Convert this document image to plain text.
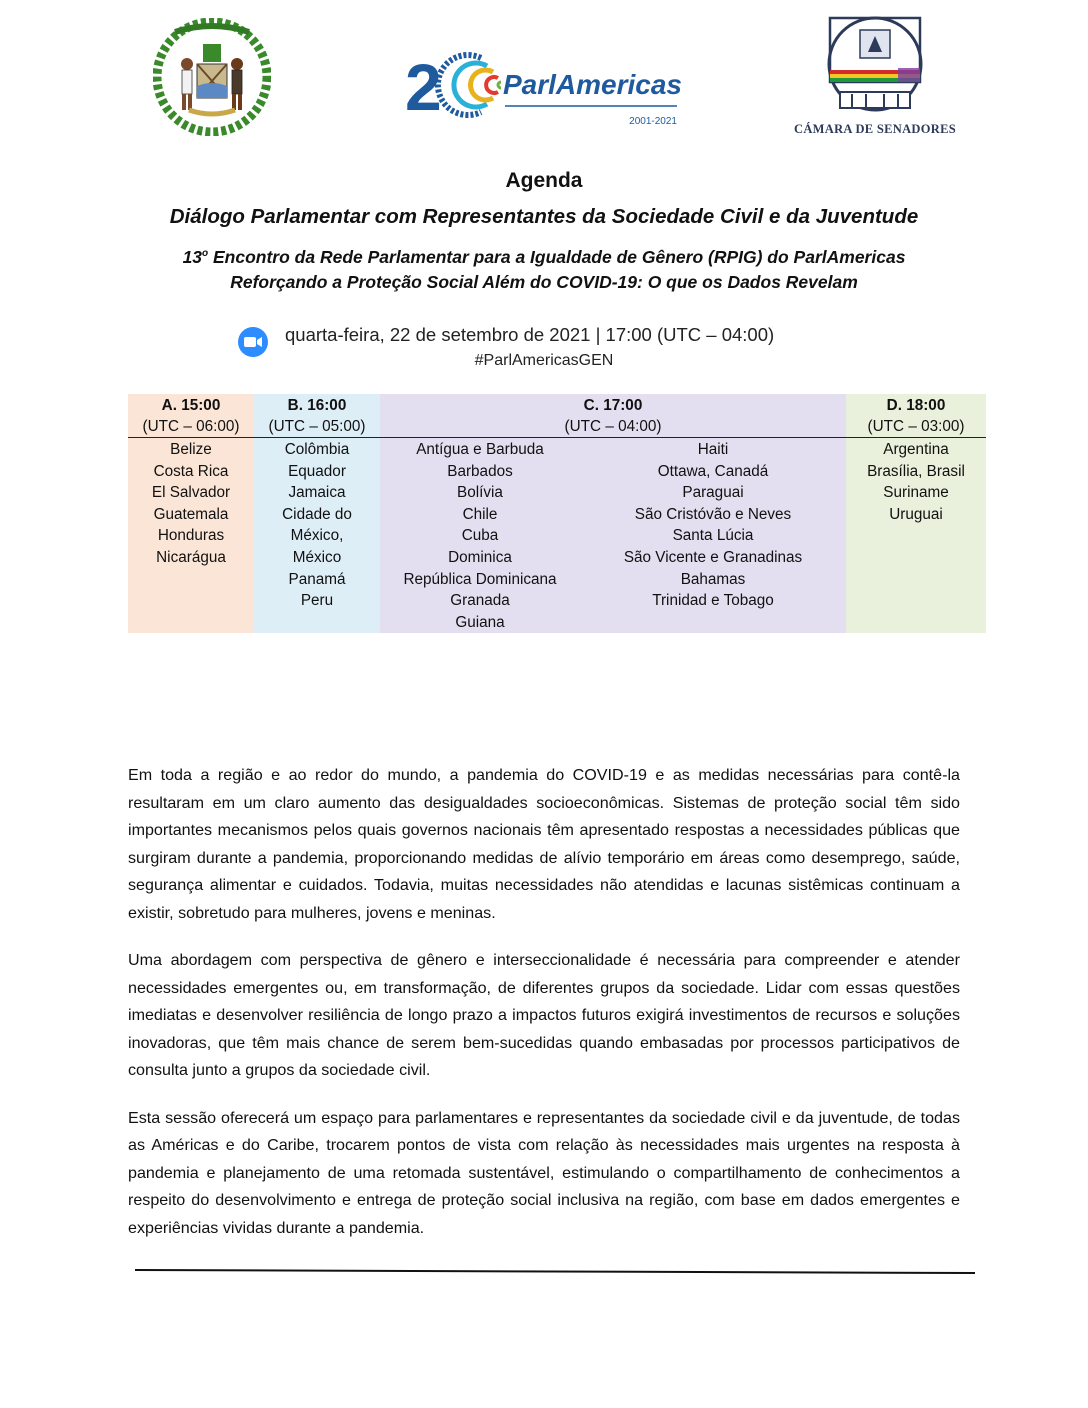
2 ParlAmericas
2001-2021
CÁMARA DE SENADORES
Agenda
Diálogo Parlamentar com Representantes da Sociedade Civil e da Juventude
13$^o$ Encontro da Rede Parlamentar para a Igualdade de Gênero (RPIG) do ParlAmericas
Reforçando a Proteção Social Além do COVID-19: O que os Dados Revelam
quarta-feira, 22 de setembro de 2021 | 17:00 (UTC – 04:00)
#ParlAmericasGEN
A. 15:00
(UTC – 06:00)
Belize
Costa Rica
El Salvador
Guatemala
Honduras
Nicarágua
B. 16:00
(UTC – 05:00)
Colômbia
Equador
Jamaica
Cidade do
México,
México
Panamá
Peru
C. 17:00
(UTC – 04:00)
Antígua e Barbuda
Barbados
Bolívia
Chile
Cuba
Dominica
República Dominicana
Granada
Guiana
Haiti
Ottawa, Canadá
Paraguai
São Cristóvão e Neves
Santa Lúcia
São Vicente e Granadinas
Bahamas
Trinidad e Tobago
D. 18:00
(UTC – 03:00)
Argentina
Brasília, Brasil
Suriname
Uruguai

Em toda a região e ao redor do mundo, a pandemia do COVID-19 e as medidas necessárias para contê-la resultaram em um claro aumento das desigualdades socioeconômicas. Sistemas de proteção social têm sido importantes mecanismos pelos quais governos nacionais têm apresentado respostas a necessidades públicas que surgiram durante a pandemia, proporcionando medidas de alívio temporário em áreas como desemprego, saúde, segurança alimentar e cuidados. Todavia, muitas necessidades não atendidas e lacunas sistêmicas continuam a existir, sobretudo para mulheres, jovens e meninas.

Uma abordagem com perspectiva de gênero e interseccionalidade é necessária para compreender e atender necessidades emergentes ou, em transformação, de diferentes grupos da sociedade. Lidar com essas questões imediatas e desenvolver resiliência de longo prazo a impactos futuros exigirá investimentos de recursos e soluções inovadoras, que têm mais chance de serem bem-sucedidas quando embasadas por processos participativos de consulta junto a grupos da sociedade civil.

Esta sessão oferecerá um espaço para parlamentares e representantes da sociedade civil e da juventude, de todas as Américas e do Caribe, trocarem pontos de vista com relação às necessidades mais urgentes na resposta à pandemia e planejamento de uma retomada sustentável, estimulando o compartilhamento de conhecimentos a respeito do desenvolvimento e entrega de proteção social inclusiva na região, com base em dados emergentes e experiências vividas durante a pandemia.
